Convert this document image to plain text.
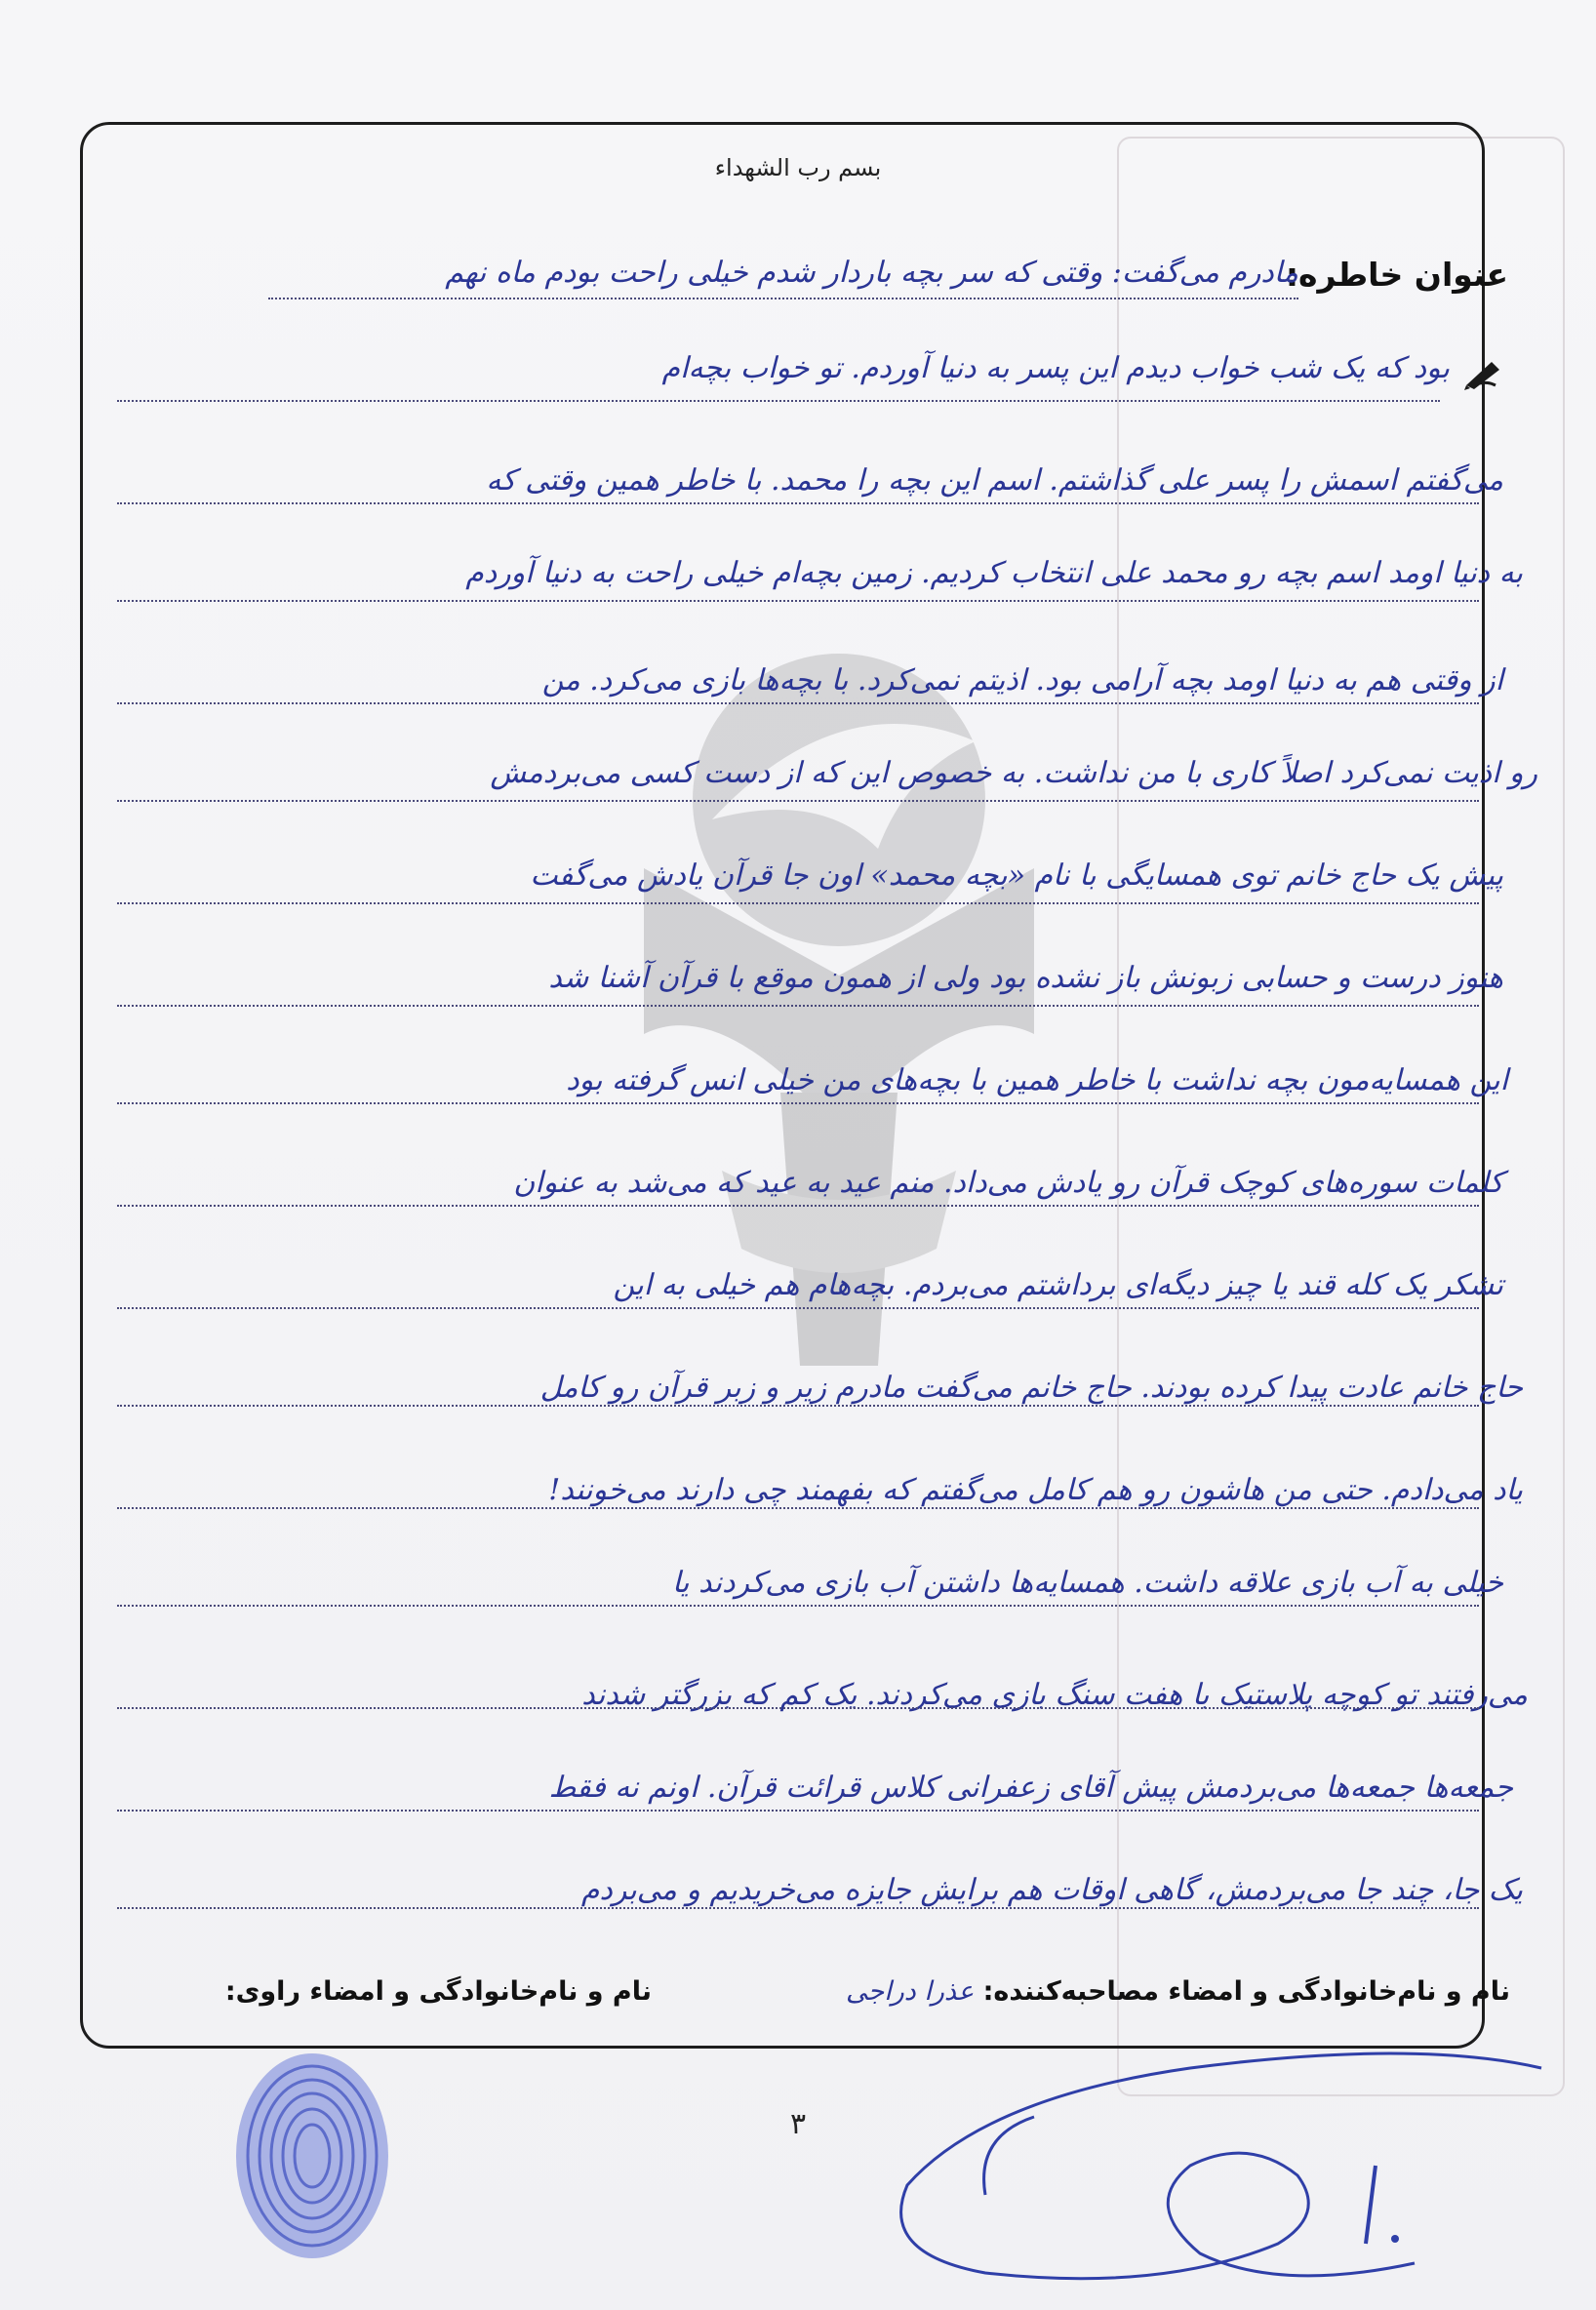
بسم رب الشهداء
عنوان خاطره:
مادرم می‌گفت: وقتی که سر بچه باردار شدم خیلی راحت بودم ماه نهم
بود که یک شب خواب دیدم این پسر به دنیا آوردم. تو خواب بچه‌ام
می‌گفتم اسمش را پسر علی گذاشتم. اسم این بچه را محمد. با خاطر همین وقتی که
به دنیا اومد اسم بچه رو محمد علی انتخاب کردیم. زمین بچه‌ام خیلی راحت به دنیا آوردم
از وقتی هم به دنیا اومد بچه آرامی بود. اذیتم نمی‌کرد. با بچه‌ها بازی می‌کرد. من
رو اذیت نمی‌کرد اصلاً کاری با من نداشت. به خصوص این که از دست کسی می‌بردمش
پیش یک حاج خانم توی همسایگی با نام «بچه محمد» اون جا قرآن یادش می‌گفت
هنوز درست و حسابی زبونش باز نشده بود ولی از همون موقع با قرآن آشنا شد
این همسایه‌مون بچه نداشت با خاطر همین با بچه‌های من خیلی انس گرفته بود
کلمات سوره‌های کوچک قرآن رو یادش می‌داد. منم عید به عید که می‌شد به عنوان
تشکر یک کله قند یا چیز دیگه‌ای برداشتم می‌بردم. بچه‌هام هم خیلی به این
حاج خانم عادت پیدا کرده بودند. حاج خانم می‌گفت مادرم زیر و زبر قرآن رو کامل
یاد می‌دادم. حتی من هاشون رو هم کامل می‌گفتم که بفهمند چی دارند می‌خونند!
خیلی به آب بازی علاقه داشت. همسایه‌ها داشتن آب بازی می‌کردند یا
می‌رفتند تو کوچه پلاستیک با هفت سنگ بازی می‌کردند. یک کم که بزرگتر شدند
جمعه‌ها جمعه‌ها می‌بردمش پیش آقای زعفرانی کلاس قرائت قرآن. اونم نه فقط
یک جا، چند جا می‌بردمش، گاهی اوقات هم برایش جایزه می‌خریدیم و می‌بردم
نام و نام‌خانوادگی و امضاء مصاحبه‌کننده: عذرا دراجی
نام و نام‌خانوادگی و امضاء راوی:
٣
